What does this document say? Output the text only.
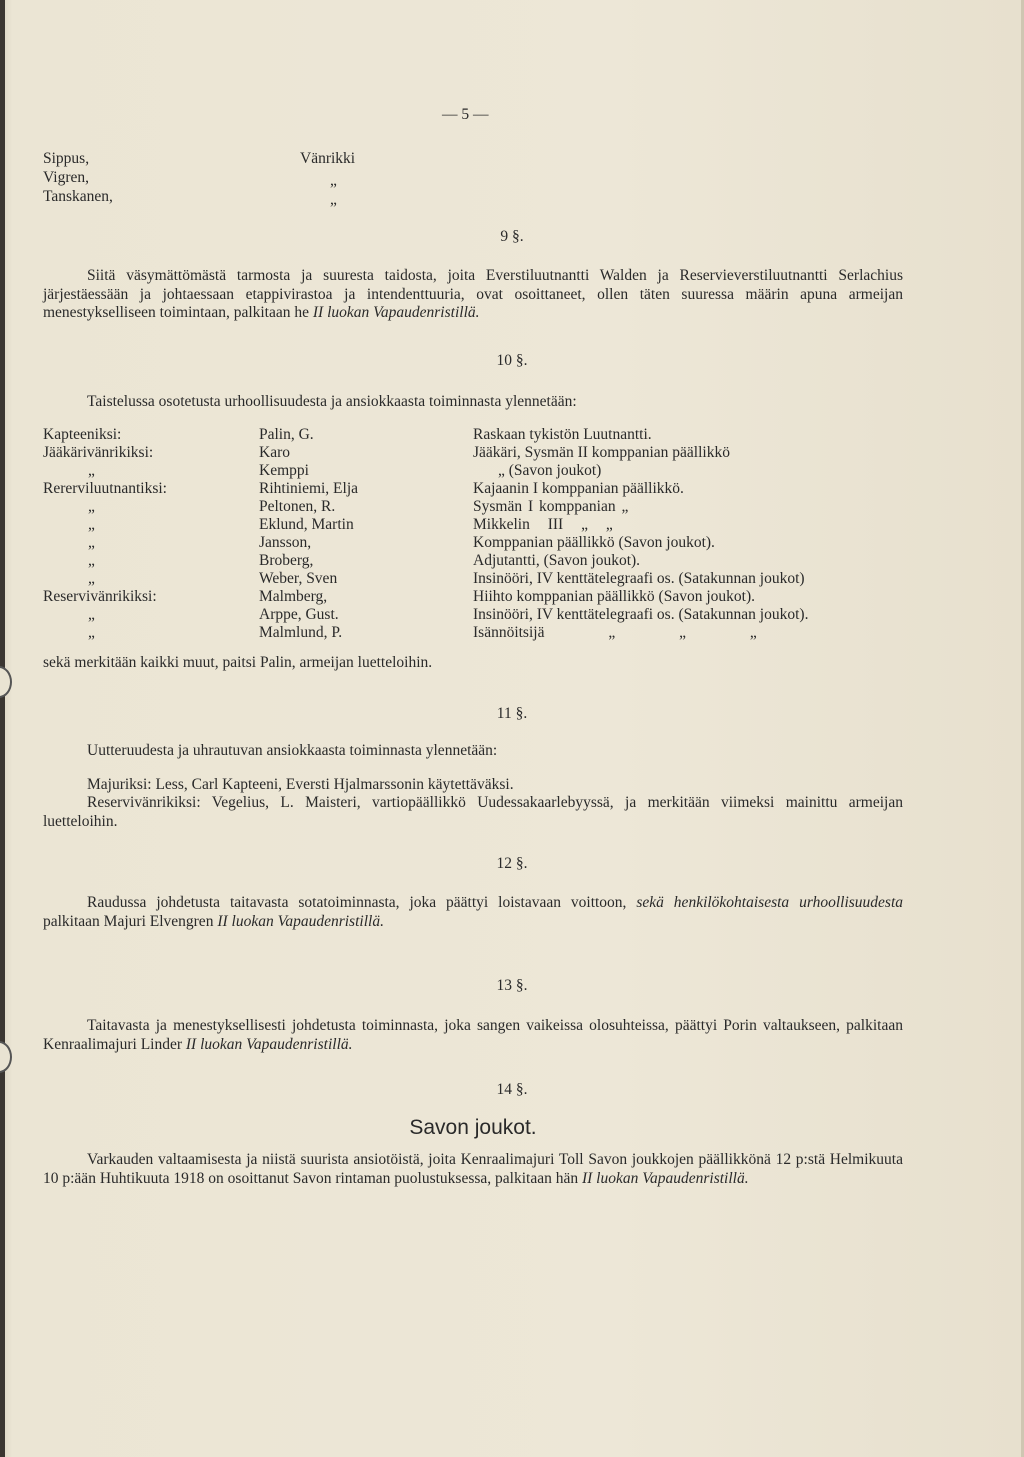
— 5 —
Sippus,	Vänrikki
Vigren,	„
Tanskanen,	„
9 §.
Siitä väsymättömästä tarmosta ja suuresta taidosta, joita Everstiluutnantti Walden ja Reservieverstiluutnantti Serlachius järjestäessään ja johtaessaan etappivirastoa ja intendenttuuria, ovat osoittaneet, ollen täten suuressa määrin apuna armeijan menestykselliseen toimintaan, palkitaan he II luokan Vapaudenristillä.
10 §.
Taistelussa osotetusta urhoollisuudesta ja ansiokkaasta toiminnasta ylennetään:
Kapteeniksi:	Palin, G.	Raskaan tykistön Luutnantti.
Jääkärivänrikiksi:	Karo	Jääkäri, Sysmän II komppanian päällikkö
„	Kemppi	„ (Savon joukot)
Rererviluutnantiksi:	Rihtiniemi, Elja	Kajaanin I komppanian päällikkö.
„	Peltonen, R.	Sysmän I komppanian „
„	Eklund, Martin	Mikkelin III „ „
„	Jansson,	Komppanian päällikkö (Savon joukot).
„	Broberg,	Adjutantti, (Savon joukot).
„	Weber, Sven	Insinööri, IV kenttätelegraafi os. (Satakunnan joukot)
Reservivänrikiksi:	Malmberg,	Hiihto komppanian päällikkö (Savon joukot).
„	Arppe, Gust.	Insinööri, IV kenttätelegraafi os. (Satakunnan joukot).
„	Malmlund, P.	Isännöitsijä „ „ „
sekä merkitään kaikki muut, paitsi Palin, armeijan luetteloihin.
11 §.
Uutteruudesta ja uhrautuvan ansiokkaasta toiminnasta ylennetään:
Majuriksi: Less, Carl Kapteeni, Eversti Hjalmarssonin käytettäväksi.
Reservivänrikiksi: Vegelius, L. Maisteri, vartiopäällikkö Uudessakaarlebyyssä, ja merkitään viimeksi mainittu armeijan luetteloihin.
12 §.
Raudussa johdetusta taitavasta sotatoiminnasta, joka päättyi loistavaan voittoon, sekä henkilökohtaisesta urhoollisuudesta palkitaan Majuri Elvengren II luokan Vapaudenristillä.
13 §.
Taitavasta ja menestyksellisesti johdetusta toiminnasta, joka sangen vaikeissa olosuhteissa, päättyi Porin valtaukseen, palkitaan Kenraalimajuri Linder II luokan Vapaudenristillä.
14 §.
Savon joukot.
Varkauden valtaamisesta ja niistä suurista ansiotöistä, joita Kenraalimajuri Toll Savon joukkojen päällikkönä 12 p:stä Helmikuuta 10 p:ään Huhtikuuta 1918 on osoittanut Savon rintaman puolustuksessa, palkitaan hän II luokan Vapaudenristillä.
